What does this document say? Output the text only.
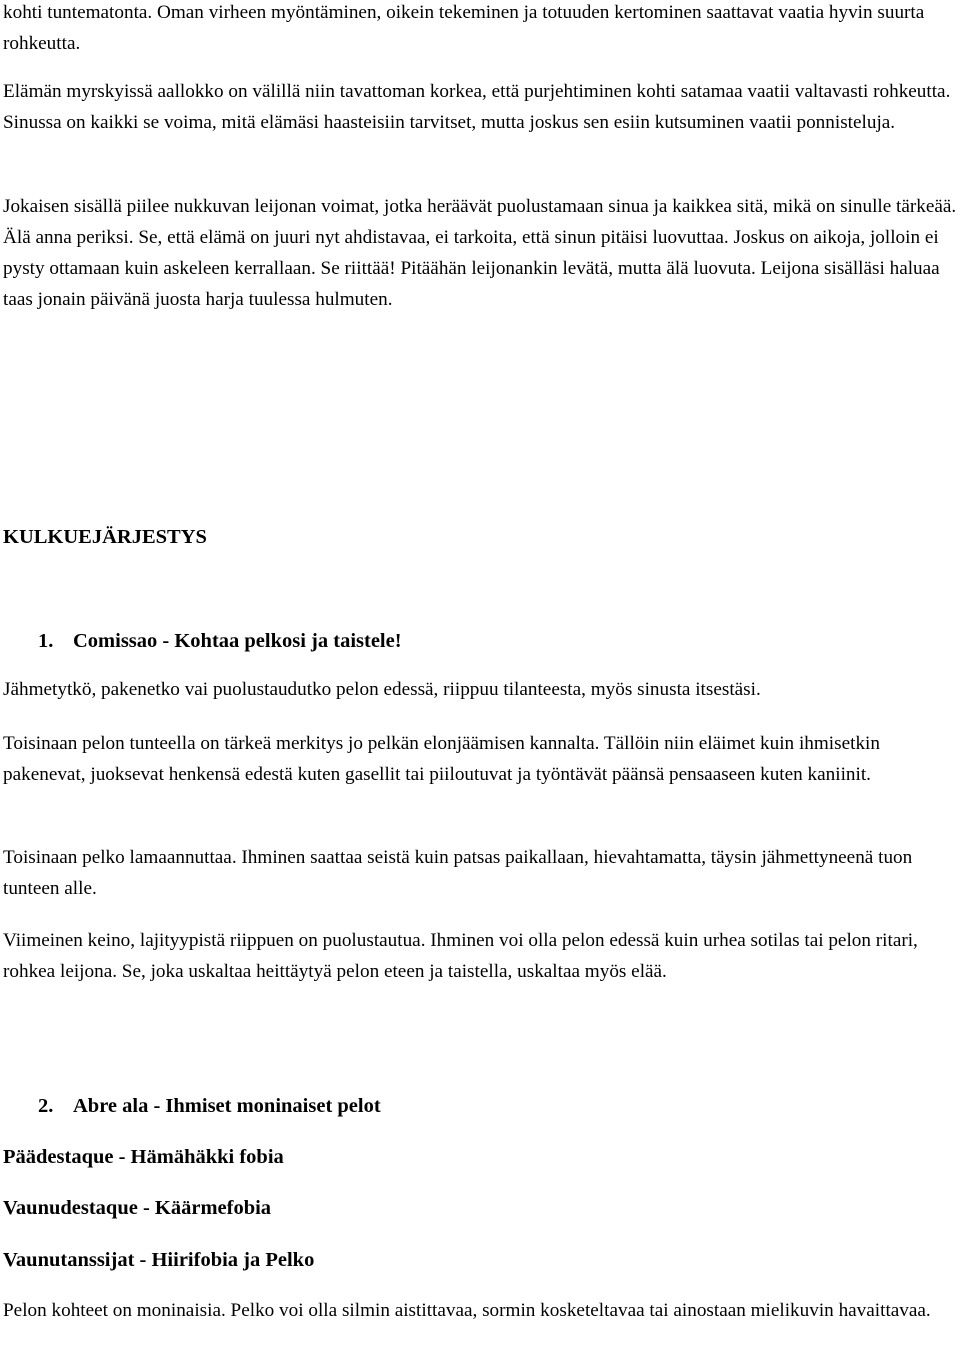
kohti tuntematonta. Oman virheen myöntäminen, oikein tekeminen ja totuuden kertominen saattavat vaatia hyvin suurta rohkeutta.

Elämän myrskyissä aallokko on välillä niin tavattoman korkea, että purjehtiminen kohti satamaa vaatii valtavasti rohkeutta. Sinussa on kaikki se voima, mitä elämäsi haasteisiin tarvitset, mutta joskus sen esiin kutsuminen vaatii ponnisteluja.

Jokaisen sisällä piilee nukkuvan leijonan voimat, jotka heräävät puolustamaan sinua ja kaikkea sitä, mikä on sinulle tärkeää. Älä anna periksi. Se, että elämä on juuri nyt ahdistavaa, ei tarkoita, että sinun pitäisi luovuttaa. Joskus on aikoja, jolloin ei pysty ottamaan kuin askeleen kerrallaan. Se riittää! Pitäähän leijonankin levätä, mutta älä luovuta. Leijona sisälläsi haluaa taas jonain päivänä juosta harja tuulessa hulmuten.

KULKUEJÄRJESTYS
1. Comissao - Kohtaa pelkosi ja taistele!

Jähmetytkö, pakenetko vai puolustaudutko pelon edessä, riippuu tilanteesta, myös sinusta itsestäsi.

Toisinaan pelon tunteella on tärkeä merkitys jo pelkän elonjäämisen kannalta. Tällöin niin eläimet kuin ihmisetkin pakenevat, juoksevat henkensä edestä kuten gasellit tai piiloutuvat ja työntävät päänsä pensaaseen kuten kaniinit.

Toisinaan pelko lamaannuttaa. Ihminen saattaa seistä kuin patsas paikallaan, hievahtamatta, täysin jähmettyneenä tuon tunteen alle.

Viimeinen keino, lajityypistä riippuen on puolustautua. Ihminen voi olla pelon edessä kuin urhea sotilas tai pelon ritari, rohkea leijona. Se, joka uskaltaa heittäytyä pelon eteen ja taistella, uskaltaa myös elää.

2. Abre ala - Ihmiset moninaiset pelot
Päädestaque - Hämähäkki fobia
Vaunudestaque - Käärmefobia
Vaunutanssijat - Hiirifobia ja Pelko

Pelon kohteet on moninaisia. Pelko voi olla silmin aistittavaa, sormin kosketeltavaa tai ainostaan mielikuvin havaittavaa.
